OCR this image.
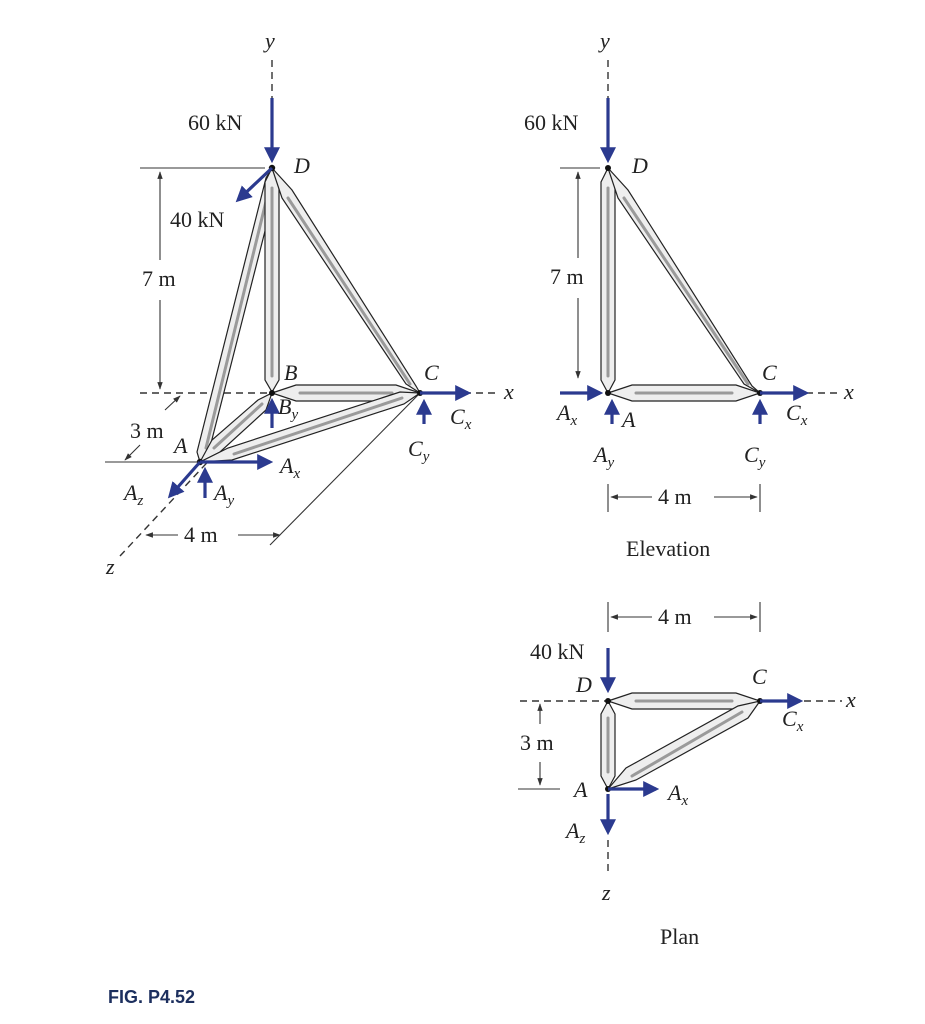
y
x
z
D
B	C
A
60 kN
40 kN
$A_x$
$A_y$
$A_z$
$B_y$	$C_x$
$C_y$
7 m
3 m
4 m
y
x
D
C
A
60 kN
$A_x$
$A_y$
$C_x$
$C_y$
7 m
4 m
Elevation
x
z
D	C
A
40 kN
$C_x$
$A_x$
$A_z$
4 m
3 m
Plan
FIG. P4.52
